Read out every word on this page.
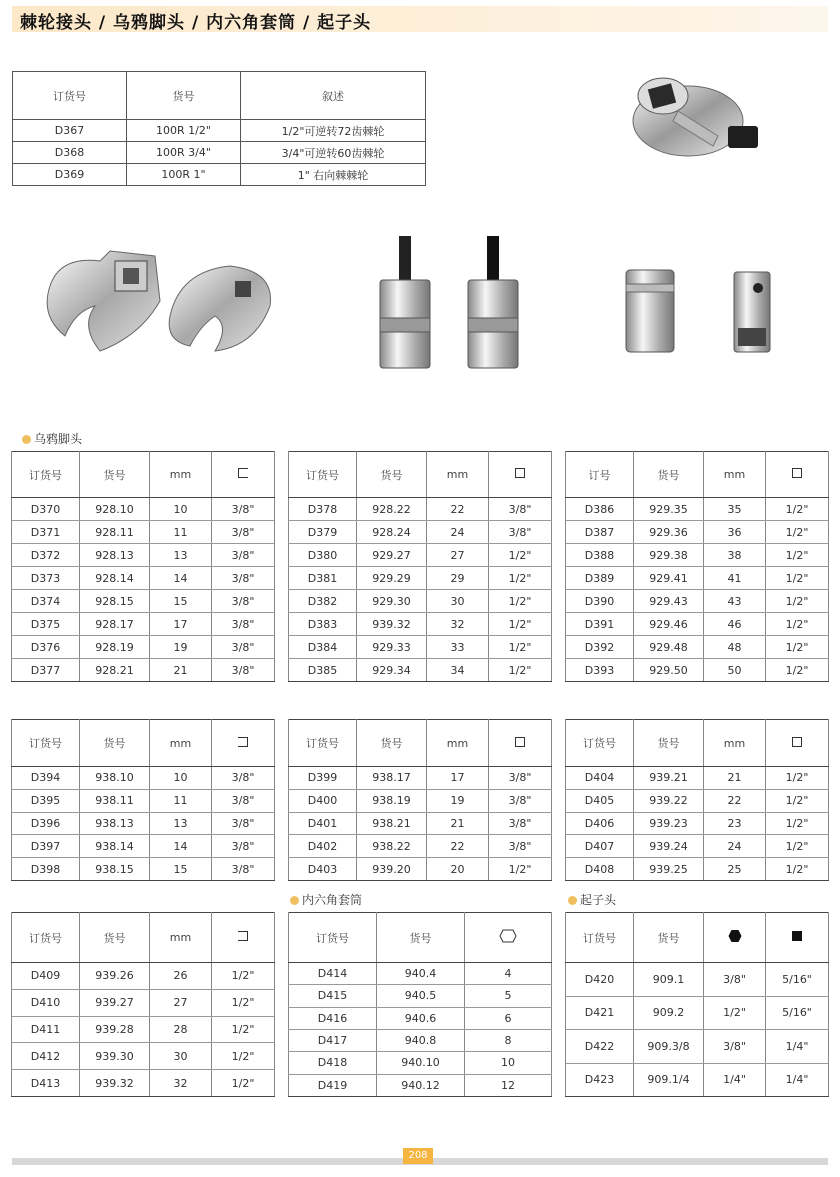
棘轮接头 / 乌鸦脚头 / 内六角套筒 / 起子头
订货号	货号	叙述
D367	100R 1/2"	1/2"可逆转72齿棘轮
D368	100R 3/4"	3/4"可逆转60齿棘轮
D369	100R 1"	1" 右向棘棘轮
乌鸦脚头
订货号	货号	mm	
D370	928.10	10	3/8"
D371	928.11	11	3/8"
D372	928.13	13	3/8"
D373	928.14	14	3/8"
D374	928.15	15	3/8"
D375	928.17	17	3/8"
D376	928.19	19	3/8"
D377	928.21	21	3/8"
订货号	货号	mm	
D378	928.22	22	3/8"
D379	928.24	24	3/8"
D380	929.27	27	1/2"
D381	929.29	29	1/2"
D382	929.30	30	1/2"
D383	939.32	32	1/2"
D384	929.33	33	1/2"
D385	929.34	34	1/2"
订号	货号	mm	
D386	929.35	35	1/2"
D387	929.36	36	1/2"
D388	929.38	38	1/2"
D389	929.41	41	1/2"
D390	929.43	43	1/2"
D391	929.46	46	1/2"
D392	929.48	48	1/2"
D393	929.50	50	1/2"
订货号	货号	mm	
D394	938.10	10	3/8"
D395	938.11	11	3/8"
D396	938.13	13	3/8"
D397	938.14	14	3/8"
D398	938.15	15	3/8"
订货号	货号	mm	
D399	938.17	17	3/8"
D400	938.19	19	3/8"
D401	938.21	21	3/8"
D402	938.22	22	3/8"
D403	939.20	20	1/2"
订货号	货号	mm	
D404	939.21	21	1/2"
D405	939.22	22	1/2"
D406	939.23	23	1/2"
D407	939.24	24	1/2"
D408	939.25	25	1/2"
内六角套筒	起子头
订货号	货号	mm	
D409	939.26	26	1/2"
D410	939.27	27	1/2"
D411	939.28	28	1/2"
D412	939.30	30	1/2"
D413	939.32	32	1/2"
订货号	货号	
D414	940.4	4
D415	940.5	5
D416	940.6	6
D417	940.8	8
D418	940.10	10
D419	940.12	12
订货号	货号		
D420	909.1	3/8"	5/16"
D421	909.2	1/2"	5/16"
D422	909.3/8	3/8"	1/4"
D423	909.1/4	1/4"	1/4"
208
